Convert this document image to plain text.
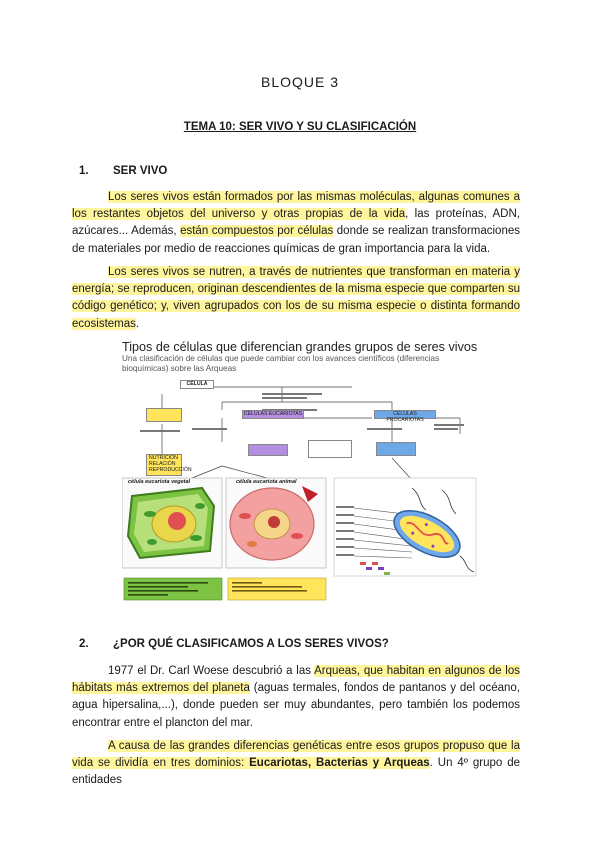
BLOQUE 3
TEMA 10: SER VIVO Y SU CLASIFICACIÓN
1. SER VIVO
Los seres vivos están formados por las mismas moléculas, algunas comunes a los restantes objetos del universo y otras propias de la vida, las proteínas, ADN, azúcares... Además, están compuestos por células donde se realizan transformaciones de materiales por medio de reacciones químicas de gran importancia para la vida.
Los seres vivos se nutren, a través de nutrientes que transforman en materia y energía; se reproducen, originan descendientes de la misma especie que comparten su código genético; y, viven agrupados con los de su misma especie o distinta formando ecosistemas.
Tipos de células que diferencian grandes grupos de seres vivos
Una clasificación de células que puede cambiar con los avances científicos (diferencias bioquímicas) sobre las Arqueas
CÉLULA
NUTRICIÓN
RELACIÓN
REPRODUCCIÓN
CÉLULAS EUCARIOTAS	CÉLULAS PROCARIOTAS
célula eucariota vegetal	célula eucariota animal
2. ¿POR QUÉ CLASIFICAMOS A LOS SERES VIVOS?
1977 el Dr. Carl Woese descubrió a las Arqueas, que habitan en algunos de los hábitats más extremos del planeta (aguas termales, fondos de pantanos y del océano, agua hipersalina,...), donde pueden ser muy abundantes, pero también los podemos encontrar entre el plancton del mar.
A causa de las grandes diferencias genéticas entre esos grupos propuso que la vida se dividía en tres dominios: Eucariotas, Bacterias y Arqueas. Un 4º grupo de entidades
